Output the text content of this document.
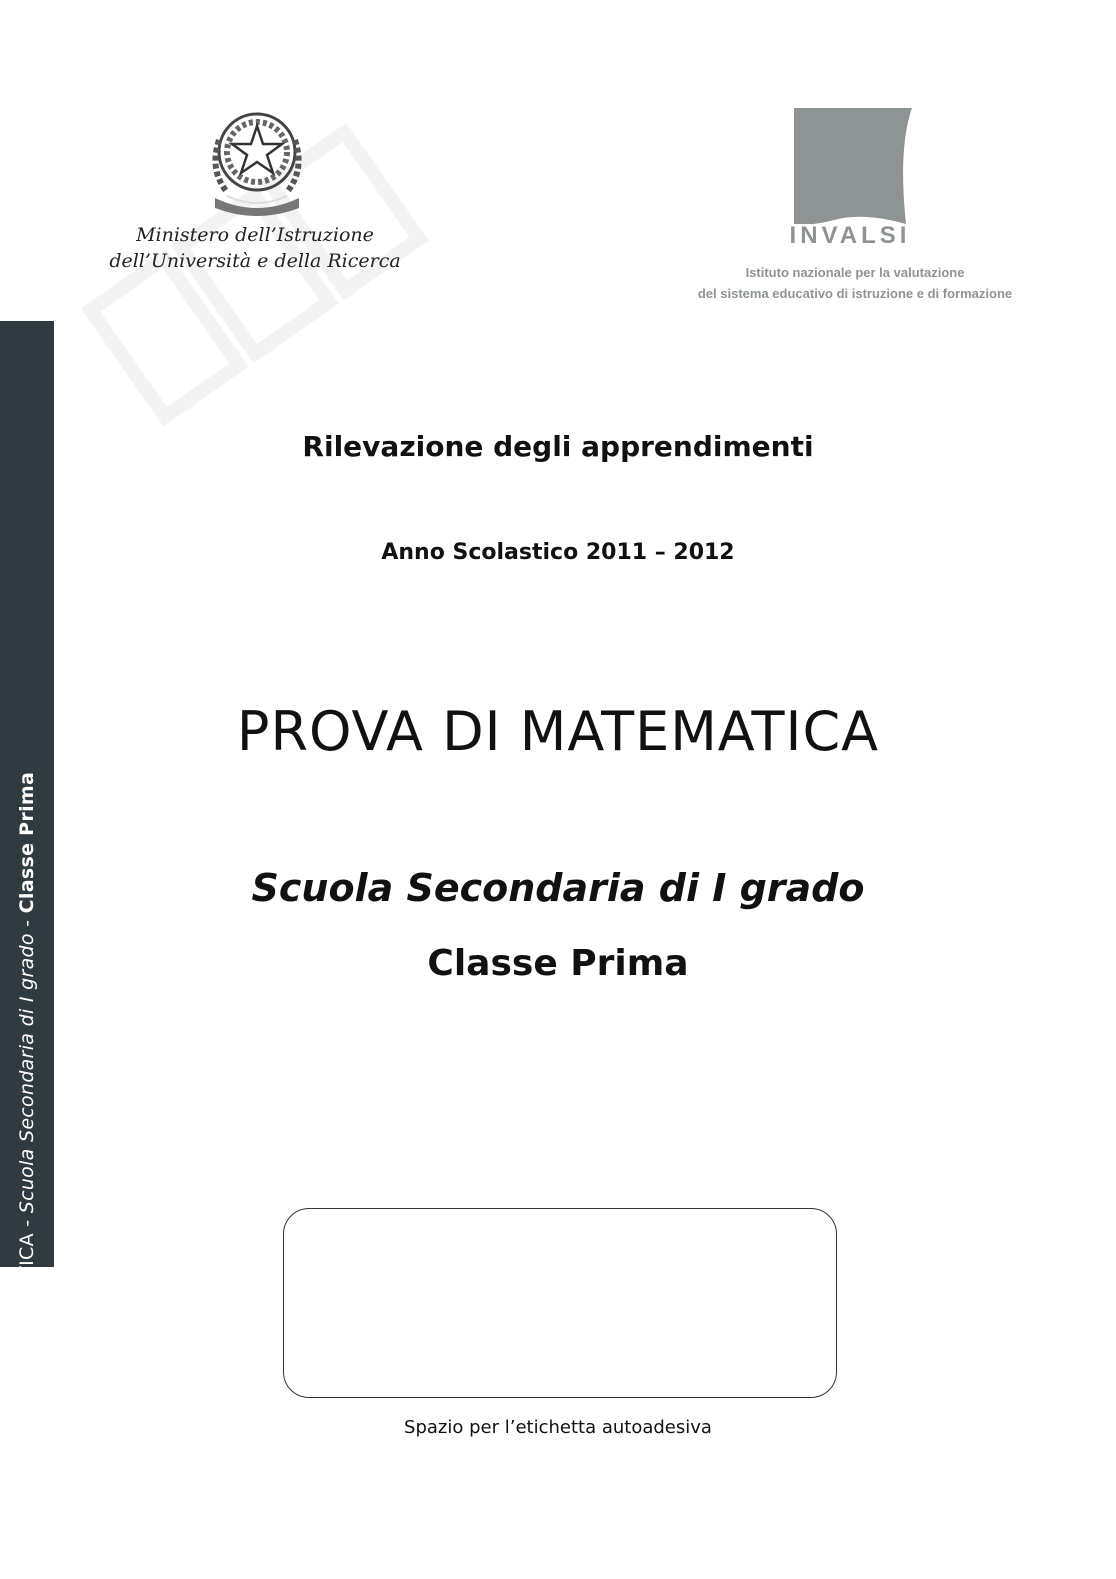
Ministero dell’Istruzione
dell’Università e della Ricerca
INVALSI
Istituto nazionale per la valutazione
del sistema educativo di istruzione e di formazione
PROVA DI MATEMATICA - Scuola Secondaria di I grado - Classe Prima
Rilevazione degli apprendimenti
Anno Scolastico 2011 – 2012
PROVA DI MATEMATICA
Scuola Secondaria di I grado
Classe Prima
Spazio per l’etichetta autoadesiva
